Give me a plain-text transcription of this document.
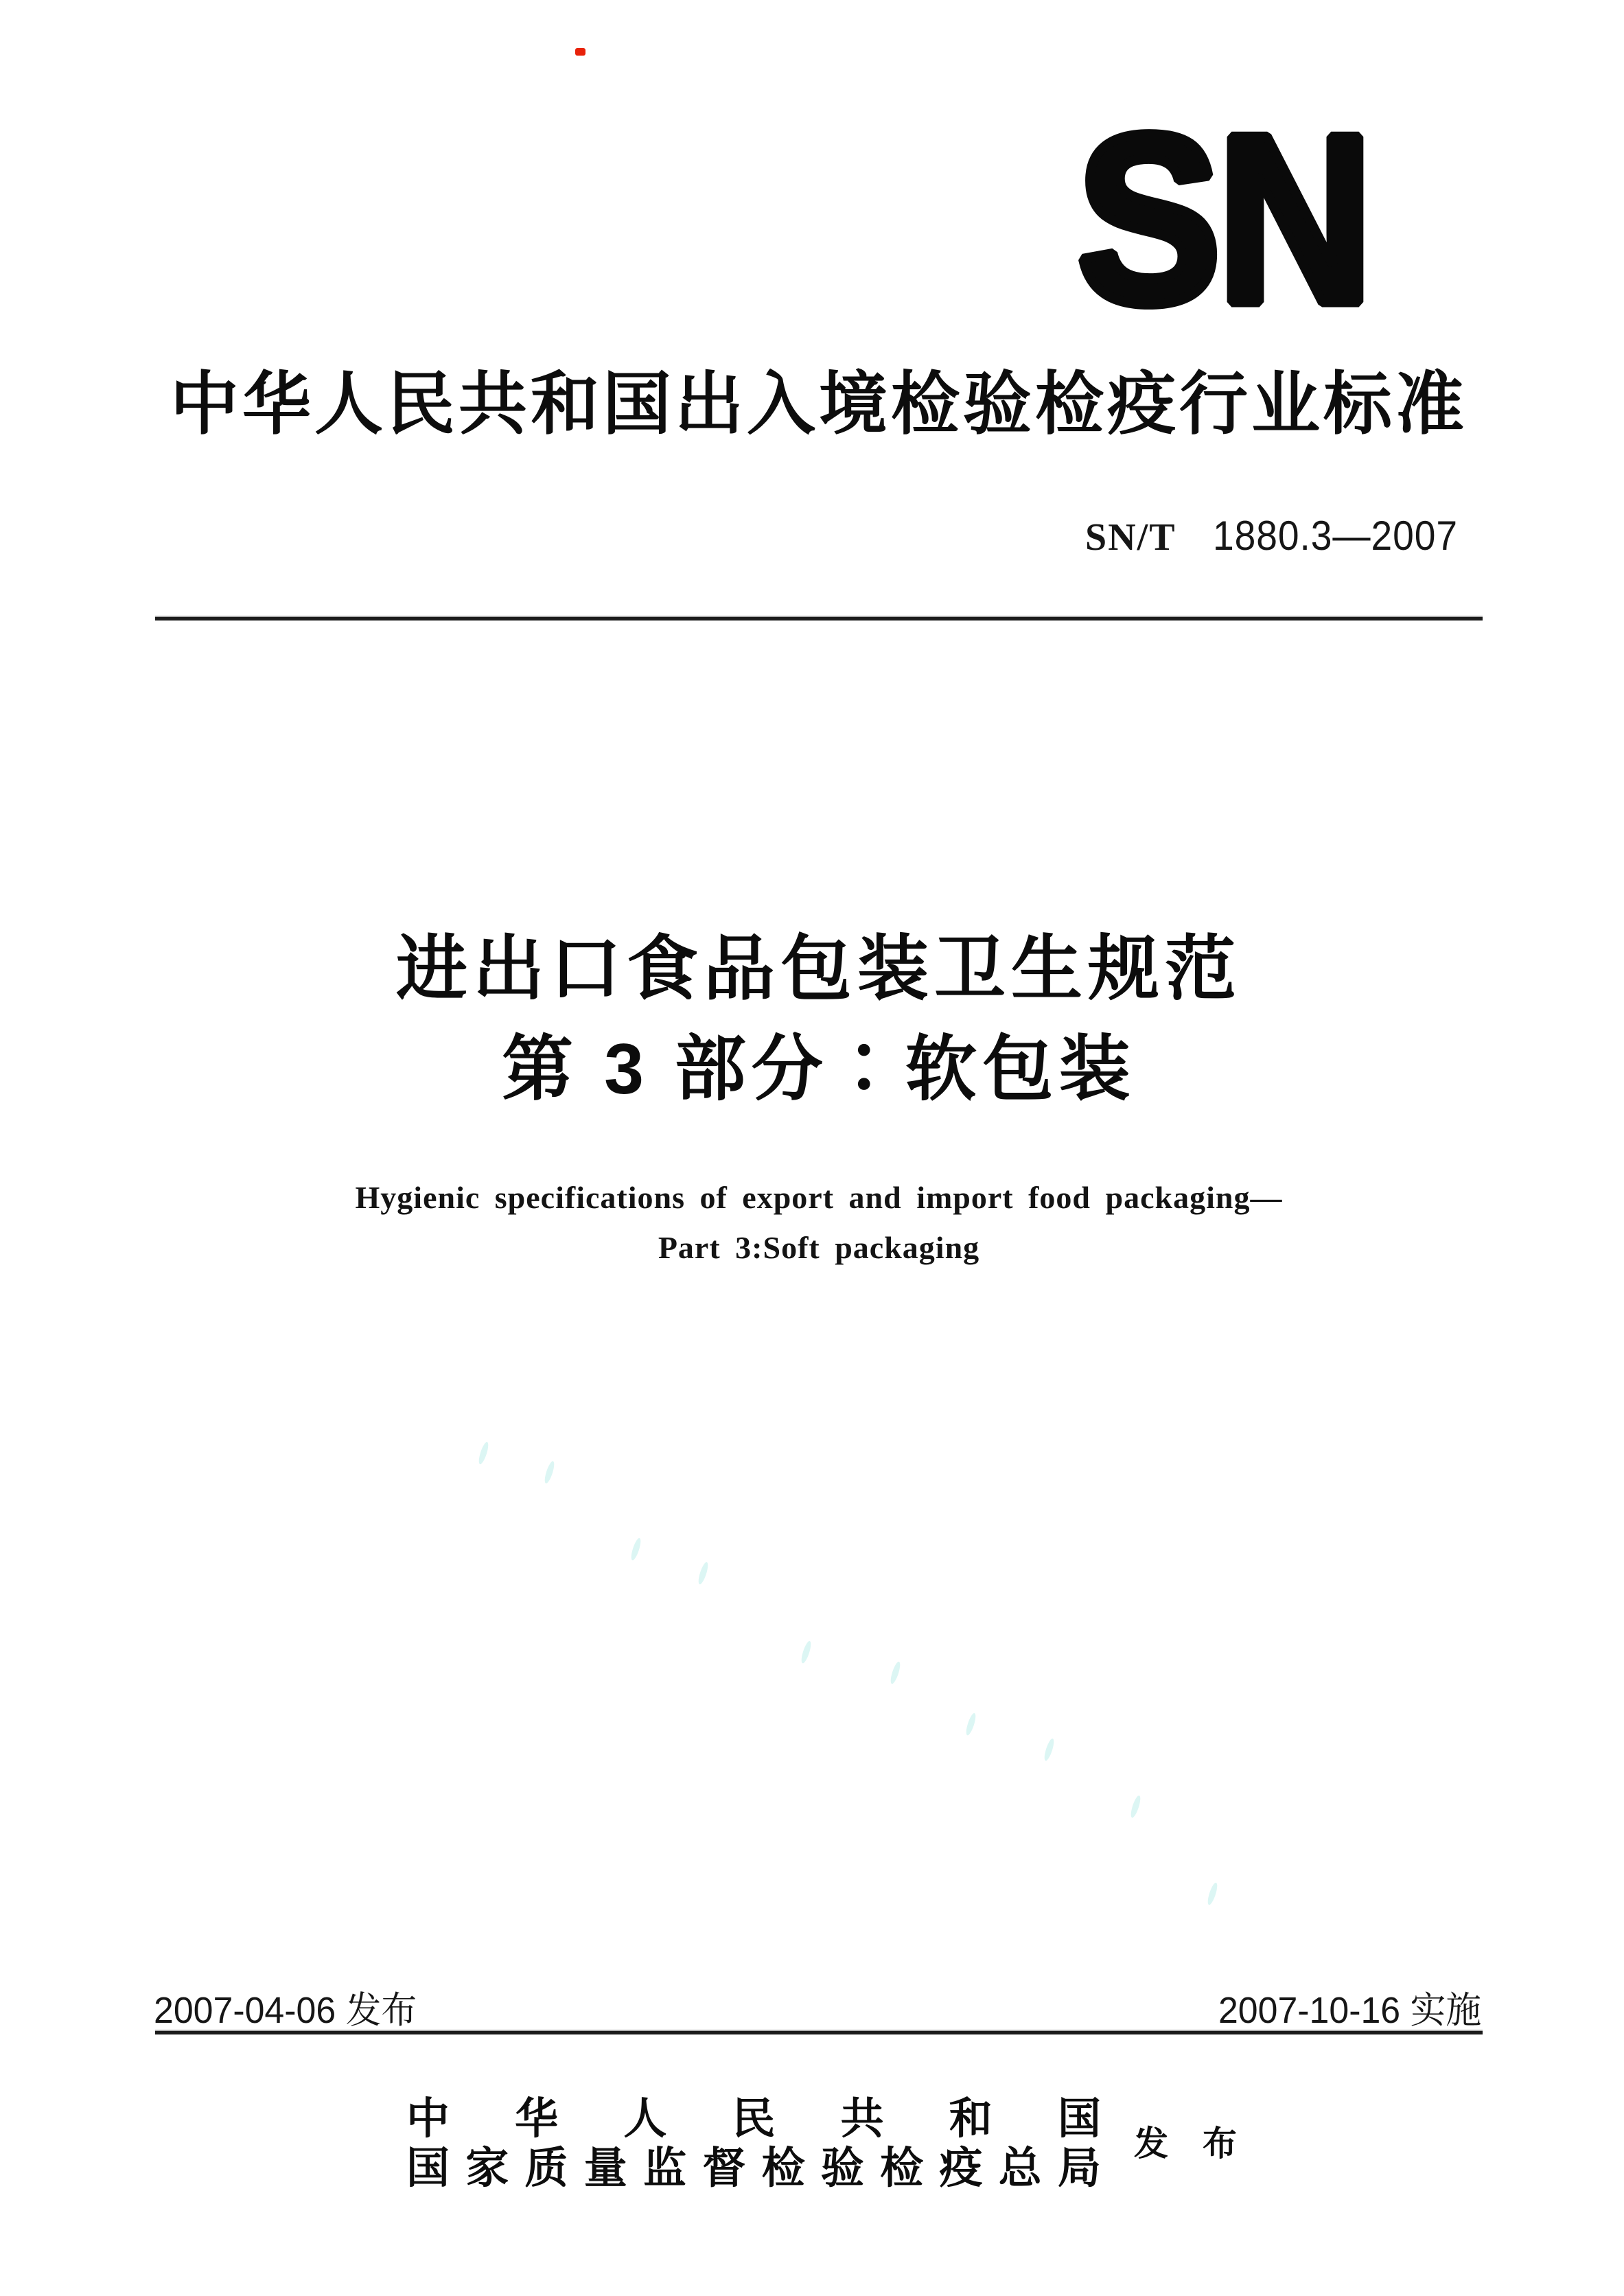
SN
中华人民共和国出入境检验检疫行业标准
SN/T 1880.3—2007
进出口食品包装卫生规范
第 3 部分∶软包装
Hygienic specifications of export and import food packaging—
Part 3:Soft packaging
2007-04-06 发布	2007-10-16 实施
中 华 人 民 共 和 国
国 家 质 量 监 督 检 验 检 疫 总 局
发 布
